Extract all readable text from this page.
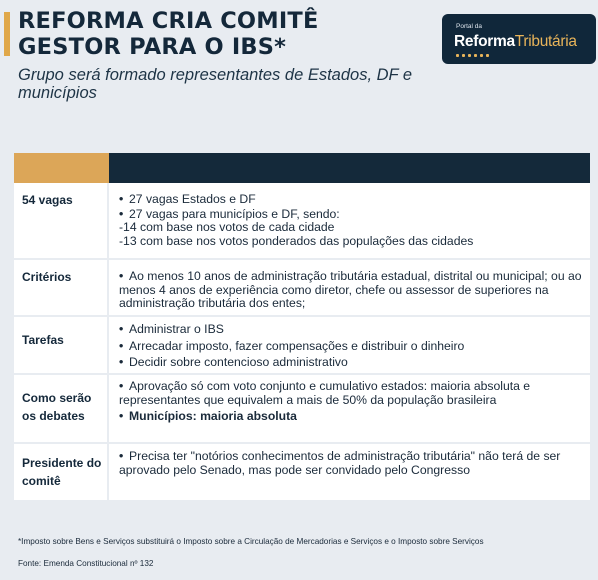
REFORMA CRIA COMITÊ GESTOR PARA O IBS*

Grupo será formado representantes de Estados, DF e municípios

Portal da
ReformaTributária
54 vagas	• 27 vagas Estados e DF
• 27 vagas para municípios e DF, sendo:
-14 com base nos votos de cada cidade
-13 com base nos votos ponderados das populações das cidades
Critérios	• Ao menos 10 anos de administração tributária estadual, distrital ou municipal; ou ao menos 4 anos de experiência como diretor, chefe ou assessor de superiores na administração tributária dos entes;
Tarefas
• Administrar o IBS
• Arrecadar imposto, fazer compensações e distribuir o dinheiro
• Decidir sobre contencioso administrativo
Como serão os debates
• Aprovação só com voto conjunto e cumulativo estados: maioria absoluta e representantes que equivalem a mais de 50% da população brasileira
• Municípios: maioria absoluta
Presidente do comitê
• Precisa ter "notórios conhecimentos de administração tributária" não terá de ser aprovado pelo Senado, mas pode ser convidado pelo Congresso

*Imposto sobre Bens e Serviços substituirá o Imposto sobre a Circulação de Mercadorias e Serviços e o Imposto sobre Serviços

Fonte: Emenda Constitucional nº 132
